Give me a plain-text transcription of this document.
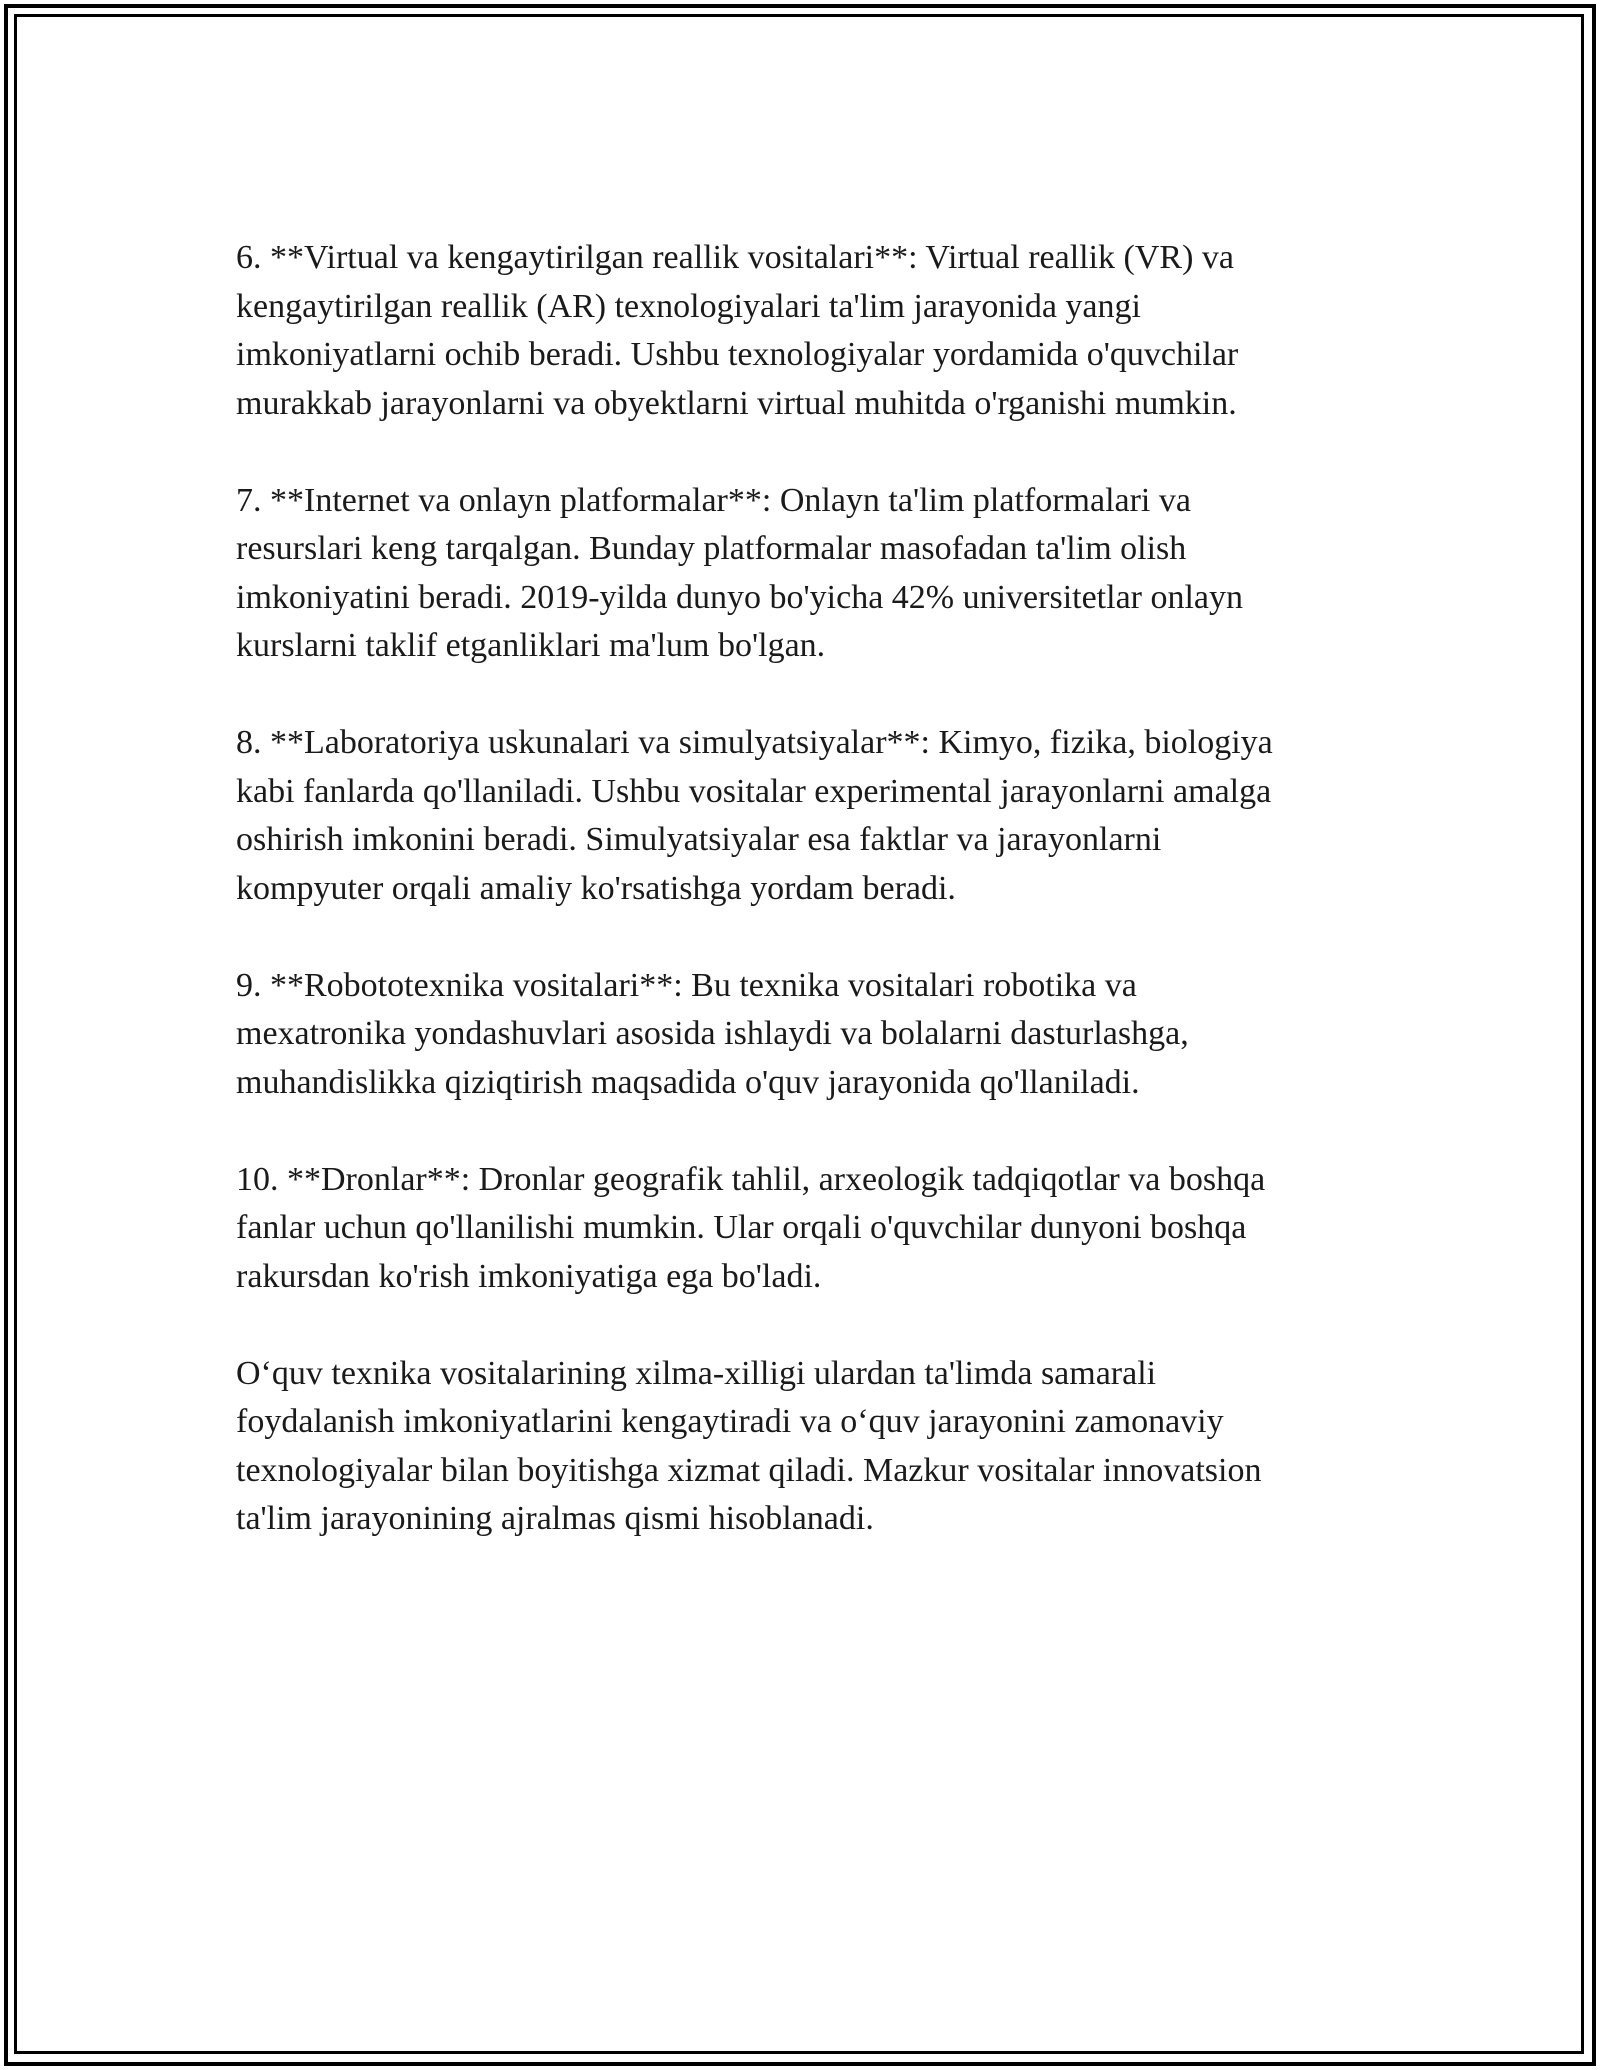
6. **Virtual va kengaytirilgan reallik vositalari**: Virtual reallik (VR) va
kengaytirilgan reallik (AR) texnologiyalari ta'lim jarayonida yangi
imkoniyatlarni ochib beradi. Ushbu texnologiyalar yordamida o'quvchilar
murakkab jarayonlarni va obyektlarni virtual muhitda o'rganishi mumkin.

7. **Internet va onlayn platformalar**: Onlayn ta'lim platformalari va
resurslari keng tarqalgan. Bunday platformalar masofadan ta'lim olish
imkoniyatini beradi. 2019-yilda dunyo bo'yicha 42% universitetlar onlayn
kurslarni taklif etganliklari ma'lum bo'lgan.

8. **Laboratoriya uskunalari va simulyatsiyalar**: Kimyo, fizika, biologiya
kabi fanlarda qo'llaniladi. Ushbu vositalar experimental jarayonlarni amalga
oshirish imkonini beradi. Simulyatsiyalar esa faktlar va jarayonlarni
kompyuter orqali amaliy ko'rsatishga yordam beradi.

9. **Robototexnika vositalari**: Bu texnika vositalari robotika va
mexatronika yondashuvlari asosida ishlaydi va bolalarni dasturlashga,
muhandislikka qiziqtirish maqsadida o'quv jarayonida qo'llaniladi.

10. **Dronlar**: Dronlar geografik tahlil, arxeologik tadqiqotlar va boshqa
fanlar uchun qo'llanilishi mumkin. Ular orqali o'quvchilar dunyoni boshqa
rakursdan ko'rish imkoniyatiga ega bo'ladi.

O‘quv texnika vositalarining xilma-xilligi ulardan ta'limda samarali
foydalanish imkoniyatlarini kengaytiradi va o‘quv jarayonini zamonaviy
texnologiyalar bilan boyitishga xizmat qiladi. Mazkur vositalar innovatsion
ta'lim jarayonining ajralmas qismi hisoblanadi.
